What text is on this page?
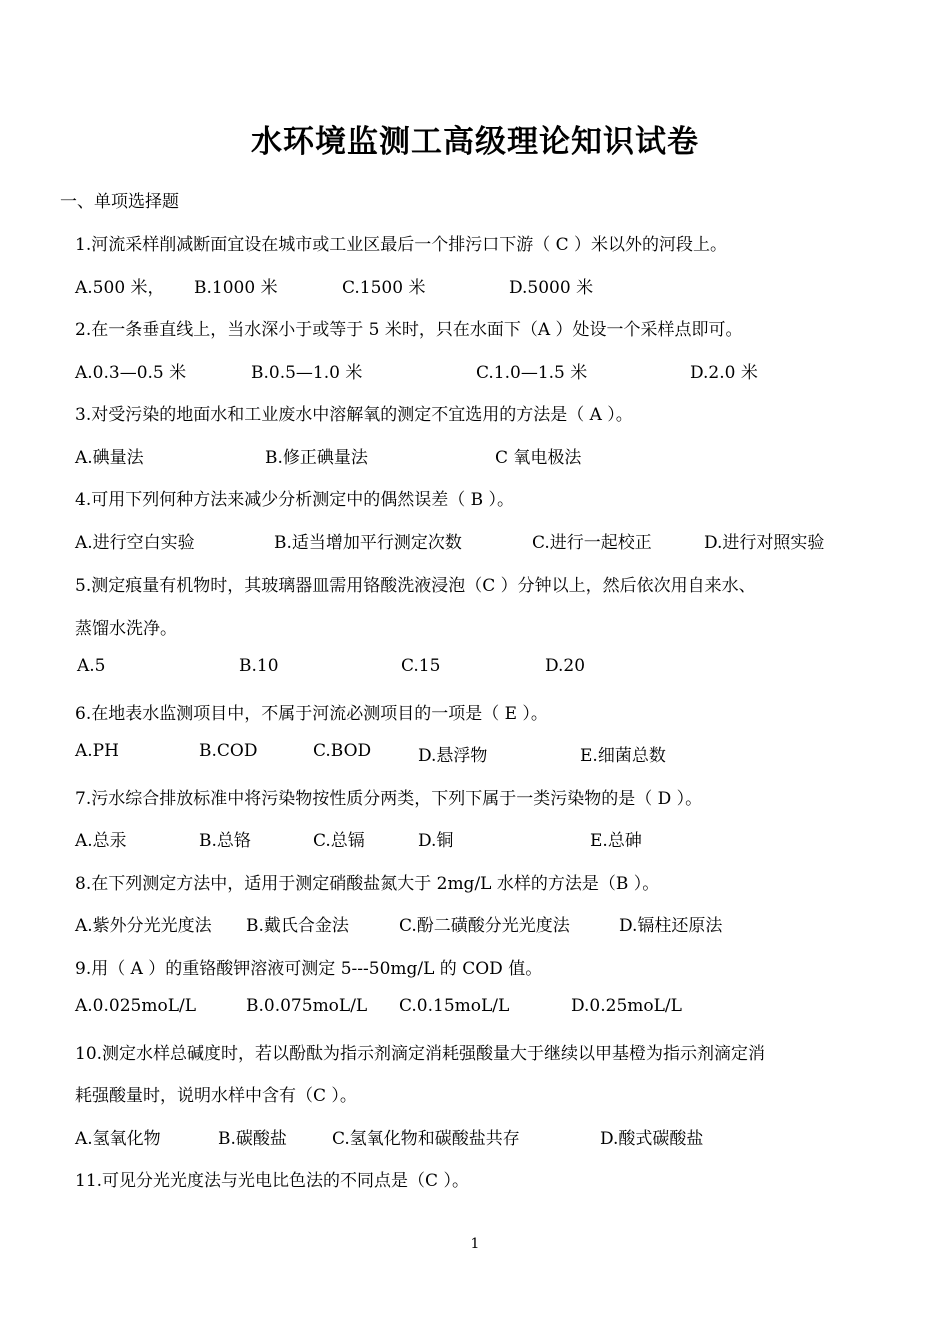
水环境监测工高级理论知识试卷
一、单项选择题
1.河流采样削减断面宜设在城市或工业区最后一个排污口下游（ C ）米以外的河段上。
A.500 米， B.1000 米	C.1500 米	D.5000 米
2.在一条垂直线上，当水深小于或等于 5 米时，只在水面下（A ）处设一个采样点即可。
A.0.3—0.5 米	B.0.5—1.0 米	C.1.0—1.5 米	D.2.0 米
3.对受污染的地面水和工业废水中溶解氧的测定不宜选用的方法是（ A ）。
A.碘量法	B.修正碘量法	C 氧电极法
4.可用下列何种方法来减少分析测定中的偶然误差（ B ）。
A.进行空白实验	B.适当增加平行测定次数	C.进行一起校正	D.进行对照实验
5.测定痕量有机物时，其玻璃器皿需用铬酸洗液浸泡（C ）分钟以上，然后依次用自来水、
蒸馏水洗净。
A.5	B.10	C.15	D.20
6.在地表水监测项目中，不属于河流必测项目的一项是（ E ）。
A.PH	B.COD	C.BOD	D.悬浮物	E.细菌总数
7.污水综合排放标准中将污染物按性质分两类，下列下属于一类污染物的是（ D ）。
A.总汞	B.总铬	C.总镉	D.铜	E.总砷
8.在下列测定方法中，适用于测定硝酸盐氮大于 2mg/L 水样的方法是（B ）。
A.紫外分光光度法 B.戴氏合金法	C.酚二磺酸分光光度法	D.镉柱还原法
9.用（ A ）的重铬酸钾溶液可测定 5---50mg/L 的 COD 值。
A.0.025moL/L	B.0.075moL/L C.0.15moL/L	D.0.25moL/L
10.测定水样总碱度时，若以酚酞为指示剂滴定消耗强酸量大于继续以甲基橙为指示剂滴定消
耗强酸量时，说明水样中含有（C ）。
A.氢氧化物	B.碳酸盐	C.氢氧化物和碳酸盐共存	D.酸式碳酸盐
11.可见分光光度法与光电比色法的不同点是（C ）。
1
